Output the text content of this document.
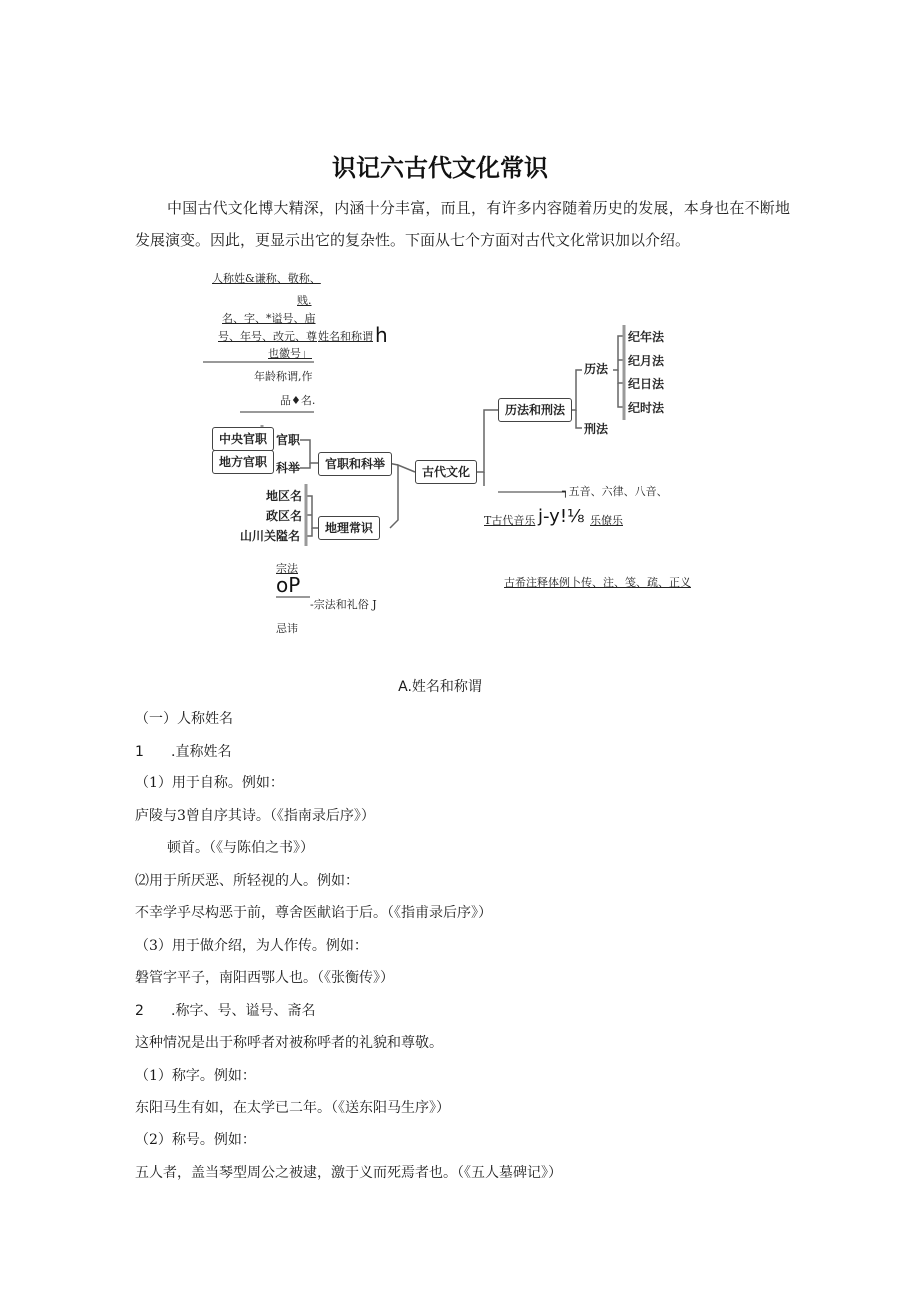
识记六古代文化常识
中国古代文化博大精深，内涵十分丰富，而且，有许多内容随着历史的发展，本身也在不断地发展演变。因此，更显示出它的复杂性。下面从七个方面对古代文化常识加以介绍。
人称姓&谦称、敬称、
贱.
名、字、*谥号、庙
号、年号、改元、尊
也徽号」
姓名和称谓 h
年龄称谓,作
品♦名.
中央官职
地方官职
官职
科举	官职和科举
古代文化
地区名
政区名
山川关隘名
地理常识
历法和刑法
历法
刑法
纪年法
纪月法
纪日法
纪时法
┐五音、六律、八音、
T古代音乐 j-y!⅛ 乐僚乐
古希注释体例卜传、注、笺、疏、正义
宗法
oP
-宗法和礼俗 J
忌讳
A.姓名和称谓
（一）人称姓名
1 .直称姓名
（1）用于自称。例如：
庐陵与3曾自序其诗。（《指南录后序》）
顿首。（《与陈伯之书》）
⑵用于所厌恶、所轻视的人。例如：
不幸学乎尽构恶于前，尊舍医献谄于后。（《指甫录后序》）
（3）用于做介绍，为人作传。例如：
磐管字平子，南阳西鄂人也。（《张衡传》）
2 .称字、号、谥号、斋名
这种情况是出于称呼者对被称呼者的礼貌和尊敬。
（1）称字。例如：
东阳马生有如，在太学已二年。（《送东阳马生序》）
（2）称号。例如：
五人者，盖当琴型周公之被逮，激于义而死焉者也。（《五人墓碑记》）
